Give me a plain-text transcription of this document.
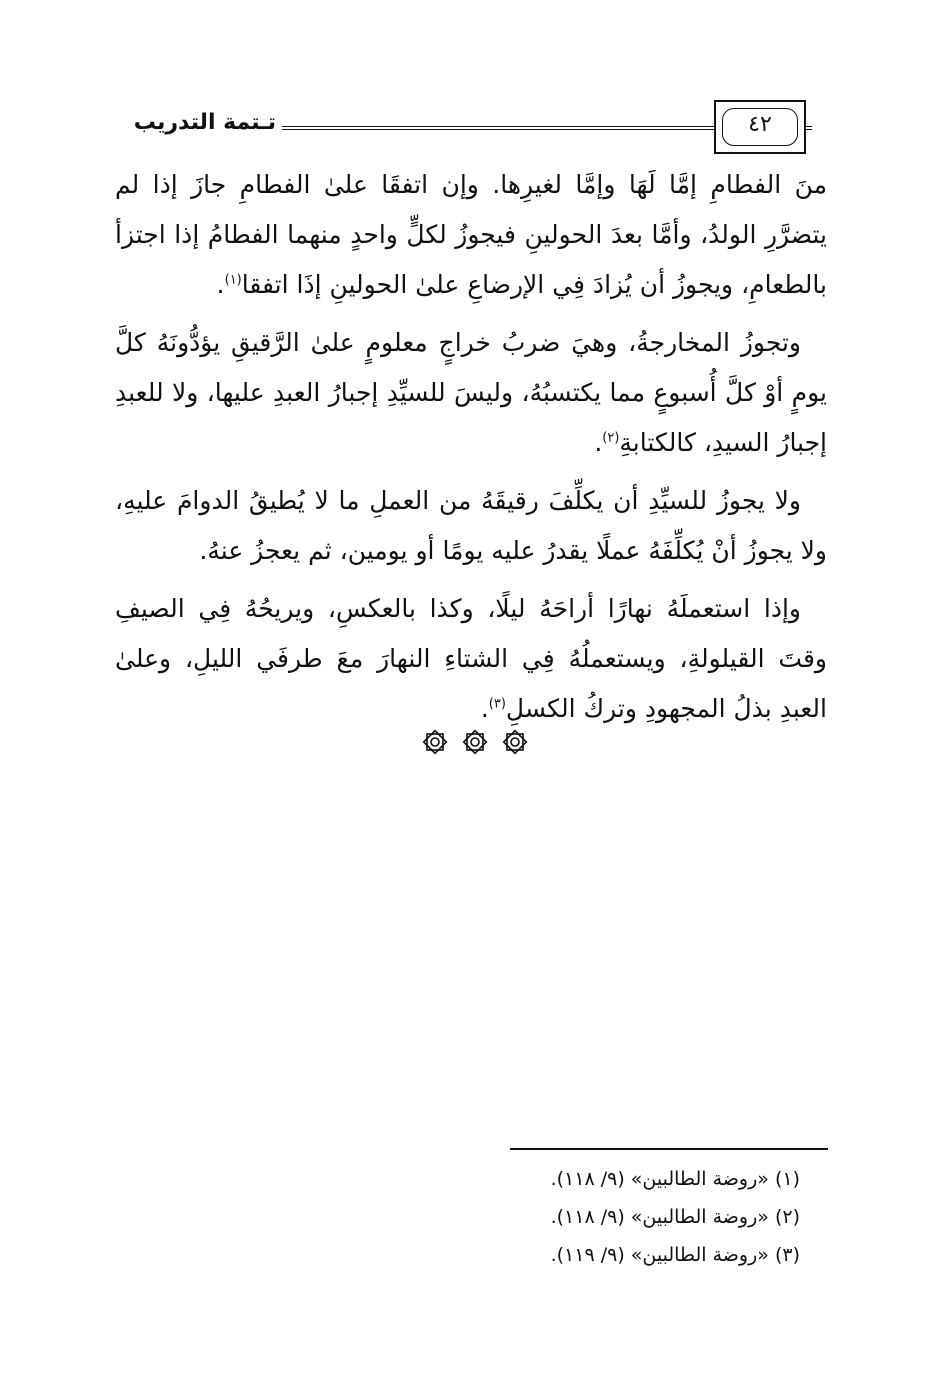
تـتمة التدريب	٤٢

منَ الفطامِ إمَّا لَهَا وإمَّا لغيرِها. وإن اتفقَا علىٰ الفطامِ جازَ إذا لم يتضرَّرِ الولدُ، وأمَّا بعدَ الحولينِ فيجوزُ لكلٍّ واحدٍ منهما الفطامُ إذا اجتزأ بالطعامِ، ويجوزُ أن يُزادَ فِي الإرضاعِ علىٰ الحولينِ إذَا اتفقا$^{(١)}$.

وتجوزُ المخارجةُ، وهيَ ضربُ خراجٍ معلومٍ علىٰ الرَّقيقِ يؤدُّونَهُ كلَّ يومٍ أوْ كلَّ أُسبوعٍ مما يكتسبُهُ، وليسَ للسيِّدِ إجبارُ العبدِ عليها، ولا للعبدِ إجبارُ السيدِ، كالكتابةِ$^{(٢)}$.

ولا يجوزُ للسيِّدِ أن يكلِّفَ رقيقَهُ من العملِ ما لا يُطيقُ الدوامَ عليهِ، ولا يجوزُ أنْ يُكلِّفَهُ عملًا يقدرُ عليه يومًا أو يومين، ثم يعجزُ عنهُ.

وإذا استعملَهُ نهارًا أراحَهُ ليلًا، وكذا بالعكسِ، ويريحُهُ فِي الصيفِ وقتَ القيلولةِ، ويستعملُهُ فِي الشتاءِ النهارَ معَ طرفَي الليلِ، وعلىٰ العبدِ بذلُ المجهودِ وتركُ الكسلِ$^{(٣)}$.

(١) «روضة الطالبين» (٩/ ١١٨).
(٢) «روضة الطالبين» (٩/ ١١٨).
(٣) «روضة الطالبين» (٩/ ١١٩).
